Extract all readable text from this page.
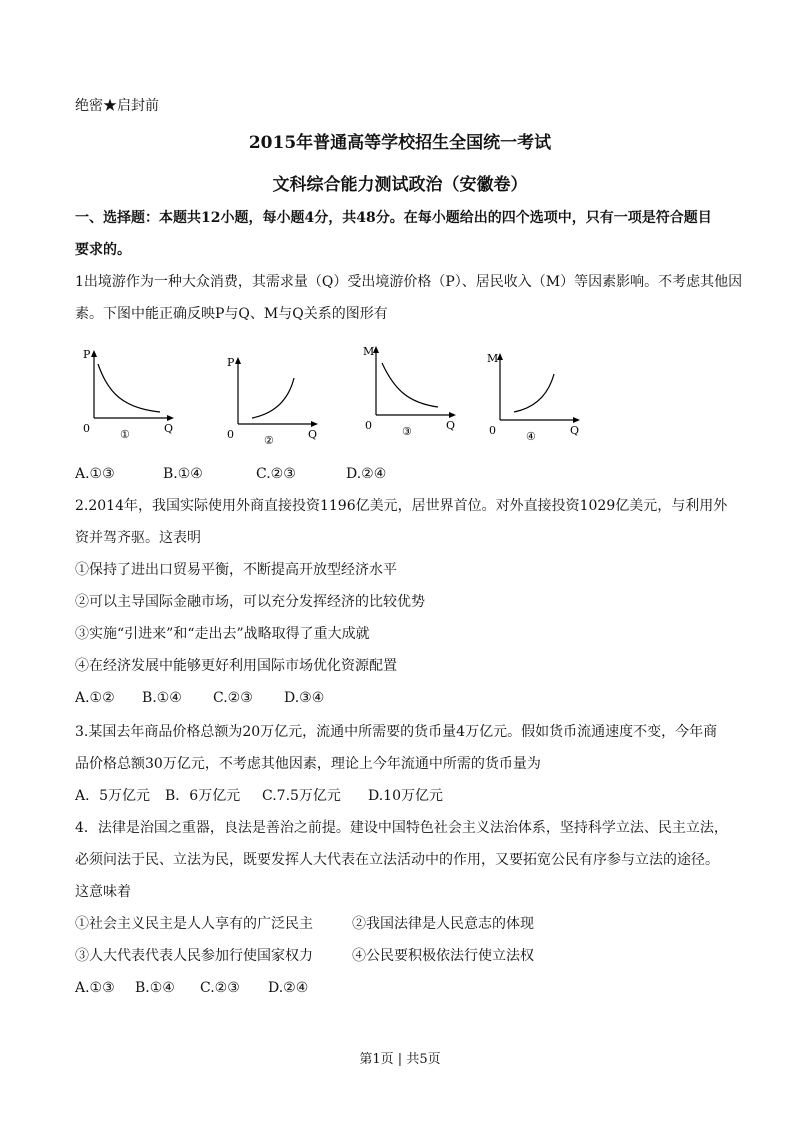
绝密★启封前
2015年普通高等学校招生全国统一考试
文科综合能力测试政治（安徽卷）
一、选择题：本题共12小题，每小题4分，共48分。在每小题给出的四个选项中，只有一项是符合题目
要求的。
1出境游作为一种大众消费，其需求量（Q）受出境游价格（P）、居民收入（M）等因素影响。不考虑其他因
素。下图中能正确反映P与Q、M与Q关系的图形有
P
0	Q
①
P
0	Q
②
M
0	Q
③
M
0	Q
④
A.①③	B.①④	C.②③	D.②④
2.2014年，我国实际使用外商直接投资1196亿美元，居世界首位。对外直接投资1029亿美元，与利用外
资并驾齐驱。这表明
①保持了进出口贸易平衡，不断提高开放型经济水平
②可以主导国际金融市场，可以充分发挥经济的比较优势
③实施“引进来”和“走出去”战略取得了重大成就
④在经济发展中能够更好利用国际市场优化资源配置
A.①② B.①④ C.②③ D.③④
3.某国去年商品价格总额为20万亿元，流通中所需要的货币量4万亿元。假如货币流通速度不变，今年商
品价格总额30万亿元，不考虑其他因素，理论上今年流通中所需的货币量为
A．5万亿元 B．6万亿元 C.7.5万亿元 D.10万亿元
4．法律是治国之重器，良法是善治之前提。建设中国特色社会主义法治体系，坚持科学立法、民主立法，
必须问法于民、立法为民，既要发挥人大代表在立法活动中的作用，又要拓宽公民有序参与立法的途径。
这意味着
①社会主义民主是人人享有的广泛民主	②我国法律是人民意志的体现
③人大代表代表人民参加行使国家权力	④公民要积极依法行使立法权
A.①③ B.①④ C.②③ D.②④
第1页 | 共5页
